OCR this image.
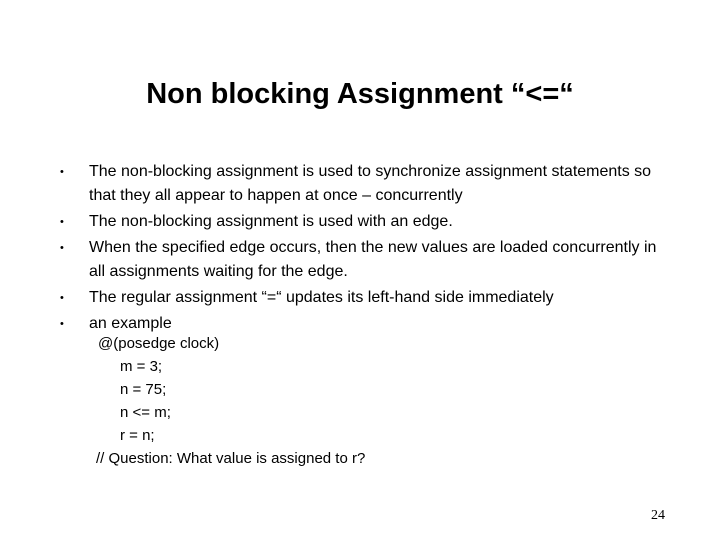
Non blocking Assignment “<=“
• The non-blocking assignment is used to synchronize assignment statements so that they all appear to happen at once – concurrently
• The non-blocking assignment is used with an edge.
• When the specified edge occurs, then the new values are loaded concurrently in all assignments waiting for the edge.
• The regular assignment “=“ updates its left-hand side immediately
• an example
@(posedge clock)
m = 3;
n = 75;
n <= m;
r = n;
// Question: What value is assigned to r?
24
